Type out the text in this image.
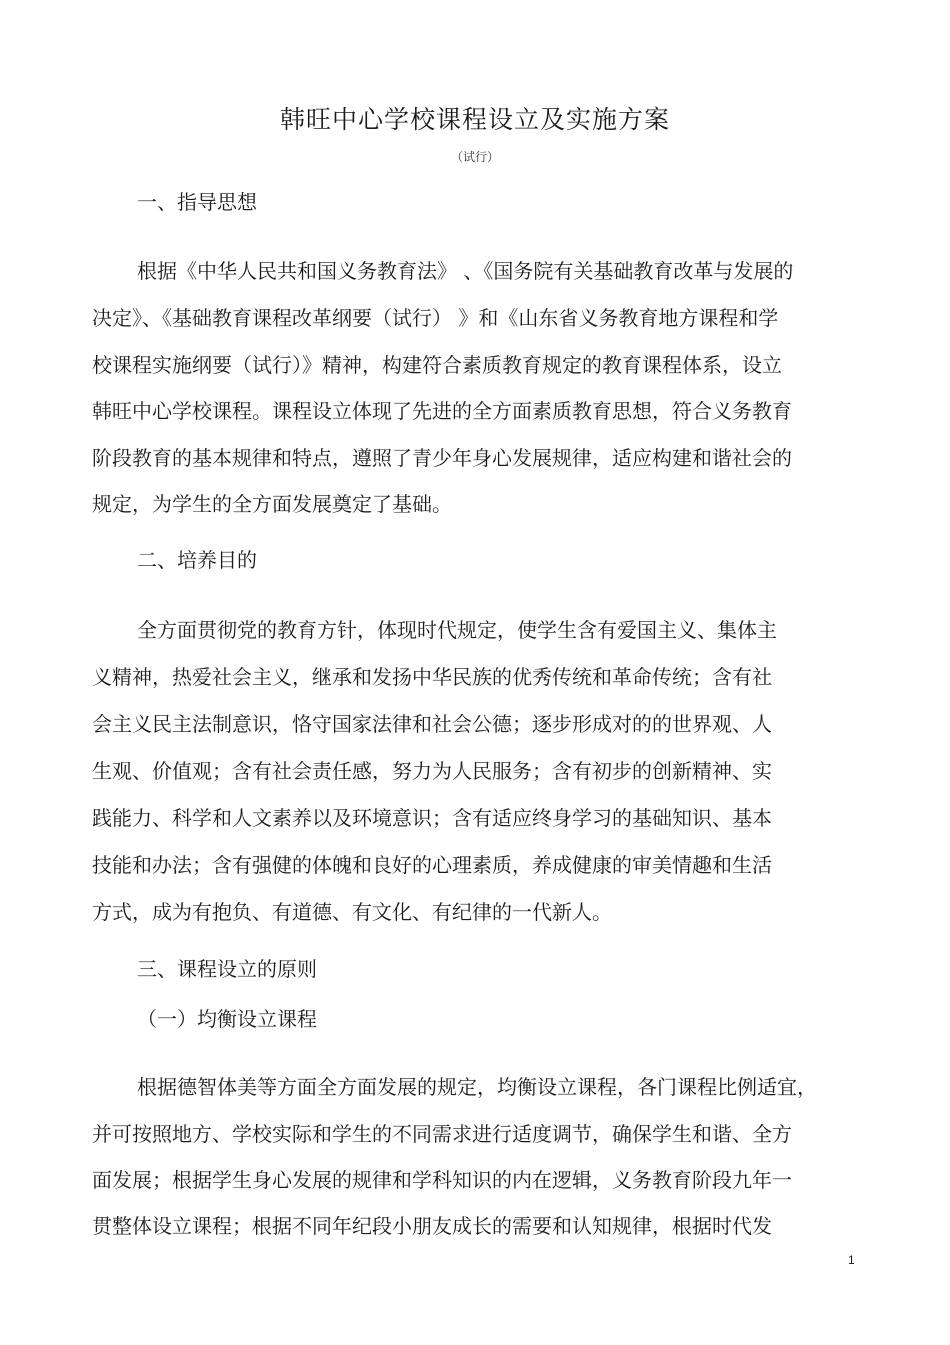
韩旺中心学校课程设立及实施方案
（试行）
一、指导思想
根据《中华人民共和国义务教育法》 、《国务院有关基础教育改革与发展的
决定》、《基础教育课程改革纲要（试行） 》和《山东省义务教育地方课程和学
校课程实施纲要（试行）》精神，构建符合素质教育规定的教育课程体系，设立
韩旺中心学校课程。课程设立体现了先进的全方面素质教育思想，符合义务教育
阶段教育的基本规律和特点，遵照了青少年身心发展规律，适应构建和谐社会的
规定，为学生的全方面发展奠定了基础。
二、培养目的
全方面贯彻党的教育方针，体现时代规定，使学生含有爱国主义、集体主
义精神，热爱社会主义，继承和发扬中华民族的优秀传统和革命传统；含有社
会主义民主法制意识，恪守国家法律和社会公德；逐步形成对的的世界观、人
生观、价值观；含有社会责任感，努力为人民服务；含有初步的创新精神、实
践能力、科学和人文素养以及环境意识；含有适应终身学习的基础知识、基本
技能和办法；含有强健的体魄和良好的心理素质，养成健康的审美情趣和生活
方式，成为有抱负、有道德、有文化、有纪律的一代新人。
三、课程设立的原则
（一）均衡设立课程
根据德智体美等方面全方面发展的规定，均衡设立课程，各门课程比例适宜，
并可按照地方、学校实际和学生的不同需求进行适度调节，确保学生和谐、全方
面发展；根据学生身心发展的规律和学科知识的内在逻辑，义务教育阶段九年一
贯整体设立课程；根据不同年纪段小朋友成长的需要和认知规律，根据时代发
1
